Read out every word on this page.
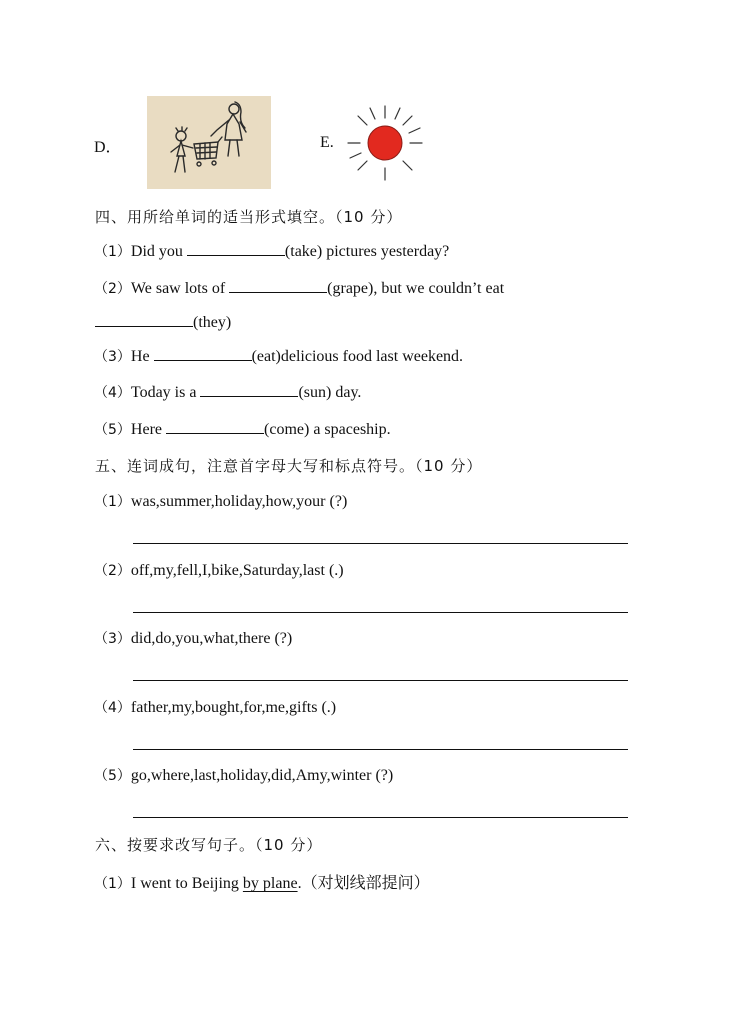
D．	E.
四、用所给单词的适当形式填空。（10 分）
（1）Did you	(take) pictures yesterday?
（2）We saw lots of	(grape), but we couldn’t eat
(they)
（3）He	(eat)delicious food last weekend.
（4）Today is a	(sun) day.
（5）Here	(come) a spaceship.
五、连词成句，注意首字母大写和标点符号。（10 分）
（1）was,summer,holiday,how,your (?)
（2）off,my,fell,I,bike,Saturday,last (.)
（3）did,do,you,what,there (?)
（4）father,my,bought,for,me,gifts (.)
（5）go,where,last,holiday,did,Amy,winter (?)
六、按要求改写句子。（10 分）
（1）I went to Beijing by plane.（对划线部提问）
